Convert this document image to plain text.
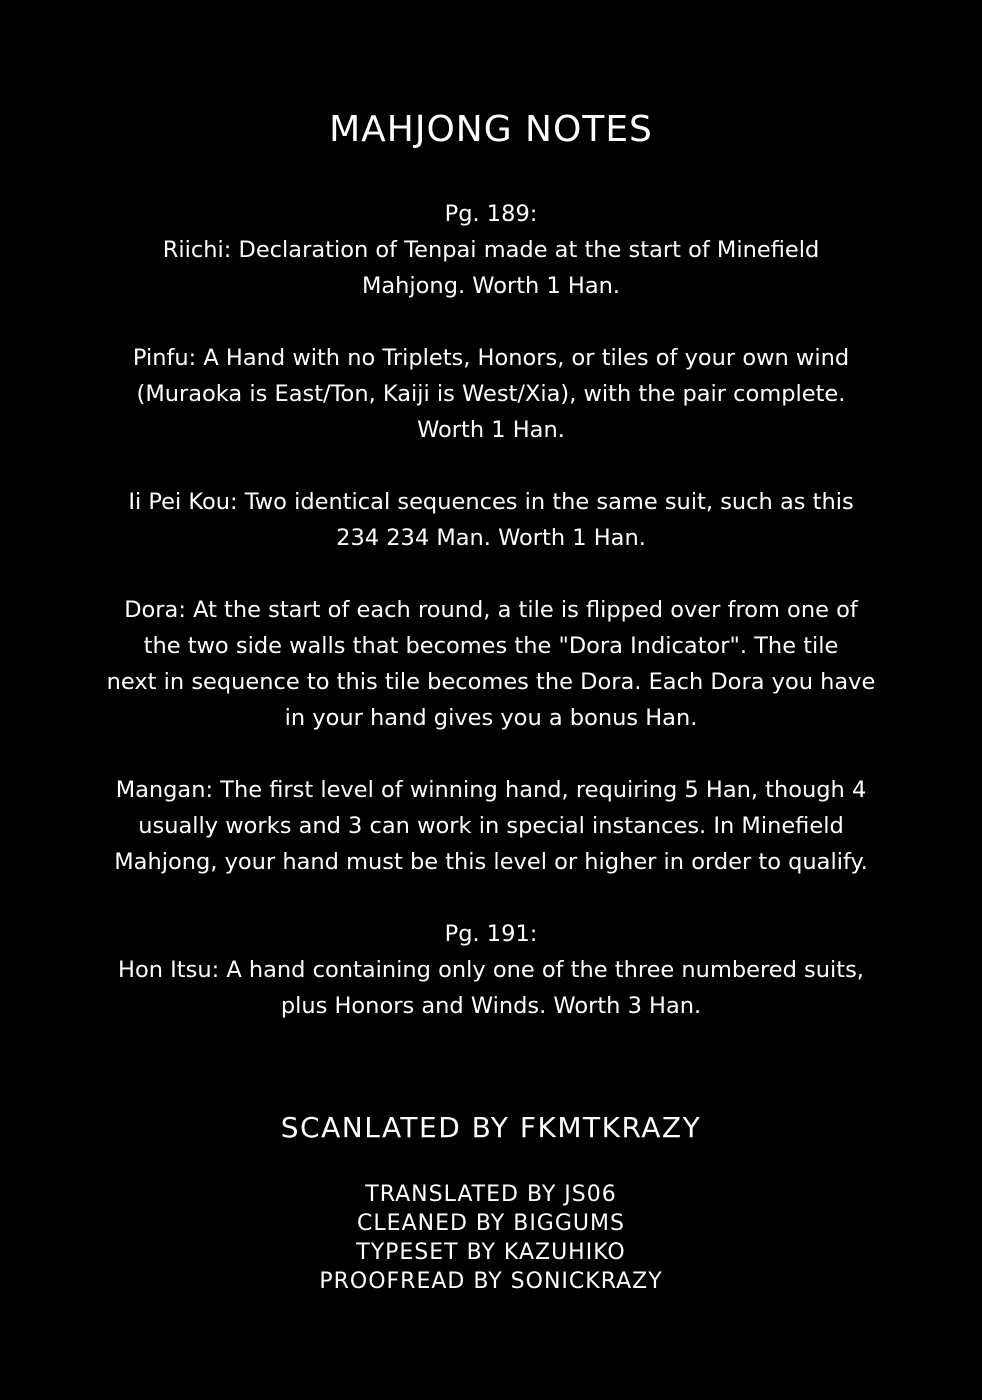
MAHJONG NOTES
Pg. 189:
Riichi: Declaration of Tenpai made at the start of Minefield
Mahjong. Worth 1 Han.
Pinfu: A Hand with no Triplets, Honors, or tiles of your own wind
(Muraoka is East/Ton, Kaiji is West/Xia), with the pair complete.
Worth 1 Han.
Ii Pei Kou: Two identical sequences in the same suit, such as this
234 234 Man. Worth 1 Han.
Dora: At the start of each round, a tile is flipped over from one of
the two side walls that becomes the "Dora Indicator". The tile
next in sequence to this tile becomes the Dora. Each Dora you have
in your hand gives you a bonus Han.
Mangan: The first level of winning hand, requiring 5 Han, though 4
usually works and 3 can work in special instances. In Minefield
Mahjong, your hand must be this level or higher in order to qualify.
Pg. 191:
Hon Itsu: A hand containing only one of the three numbered suits,
plus Honors and Winds. Worth 3 Han.
SCANLATED BY FKMTKRAZY
TRANSLATED BY JS06
CLEANED BY BIGGUMS
TYPESET BY KAZUHIKO
PROOFREAD BY SONICKRAZY
